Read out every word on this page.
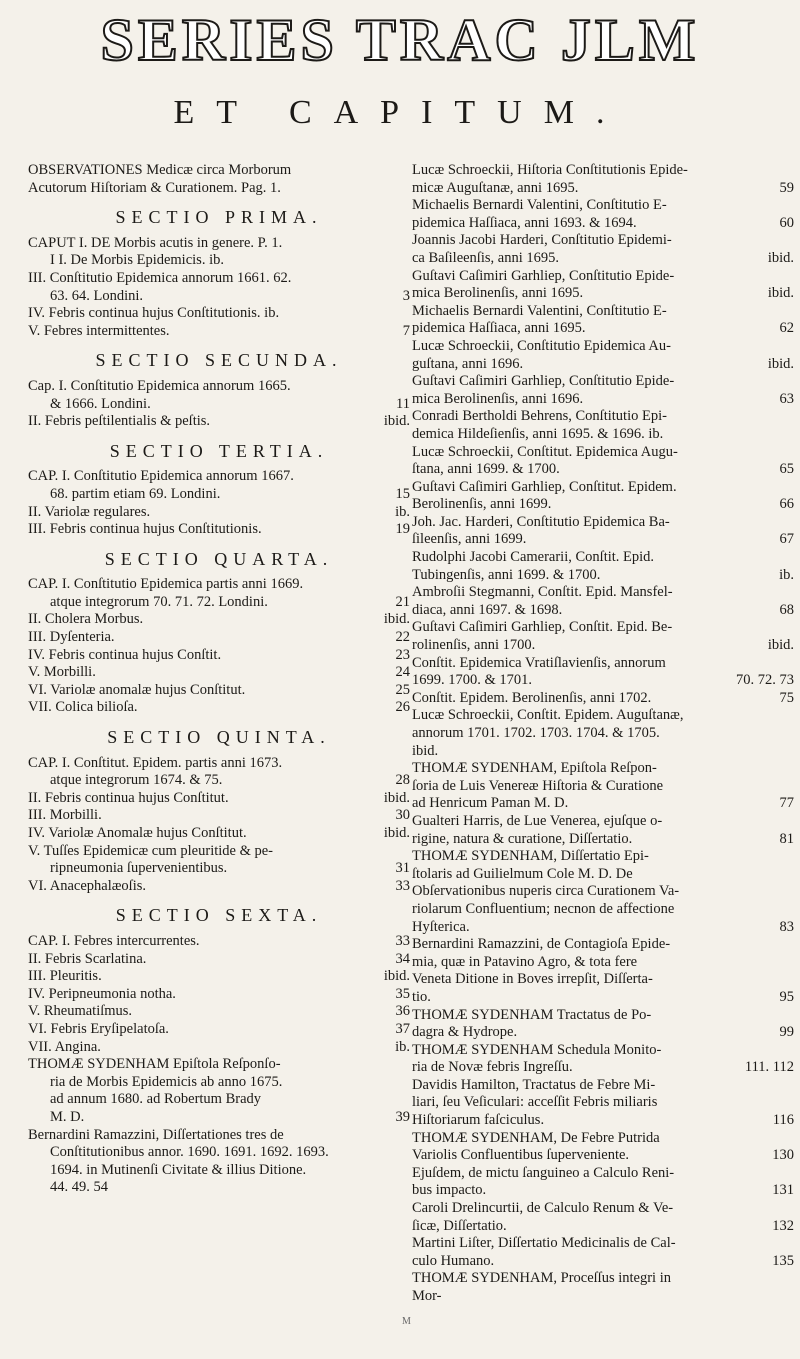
SERIES TRAC JLM
ET CAPITUM.
OBSERVATIONES Medicæ circa Morborum
Acutorum Hiſtoriam & Curationem. Pag. 1.
SECTIO PRIMA.
CAPUT I. DE Morbis acutis in genere. P. 1.
I I. De Morbis Epidemicis. ib.
III. Conſtitutio Epidemica annorum 1661. 62.
63. 64. Londini.	3
IV. Febris continua hujus Conſtitutionis. ib.
V. Febres intermittentes.	7
SECTIO SECUNDA.
Cap. I. Conſtitutio Epidemica annorum 1665.
& 1666. Londini.	11
II. Febris peſtilentialis & peſtis.	ibid.
SECTIO TERTIA.
CAP. I. Conſtitutio Epidemica annorum 1667.
68. partim etiam 69. Londini.	15
II. Variolæ regulares.	ib.
III. Febris continua hujus Conſtitutionis.	19
SECTIO QUARTA.
CAP. I. Conſtitutio Epidemica partis anni 1669.
atque integrorum 70. 71. 72. Londini.	21
II. Cholera Morbus.	ibid.
III. Dyſenteria.	22
IV. Febris continua hujus Conſtit.	23
V. Morbilli.	24
VI. Variolæ anomalæ hujus Conſtitut.	25
VII. Colica bilioſa.	26
SECTIO QUINTA.
CAP. I. Conſtitut. Epidem. partis anni 1673.
atque integrorum 1674. & 75.	28
II. Febris continua hujus Conſtitut.	ibid.
III. Morbilli.	30
IV. Variolæ Anomalæ hujus Conſtitut.	ibid.
V. Tuſſes Epidemicæ cum pleuritide & pe-
ripneumonia ſupervenientibus.	31
VI. Anacephalæoſis.	33
SECTIO SEXTA.
CAP. I. Febres intercurrentes.	33
II. Febris Scarlatina.	34
III. Pleuritis.	ibid.
IV. Peripneumonia notha.	35
V. Rheumatiſmus.	36
VI. Febris Eryſipelatoſa.	37
VII. Angina.	ib.
THOMÆ SYDENHAM Epiſtola Reſponſo-
ria de Morbis Epidemicis ab anno 1675.
ad annum 1680. ad Robertum Brady
M. D.	39
Bernardini Ramazzini, Diſſertationes tres de
Conſtitutionibus annor. 1690. 1691. 1692. 1693.
1694. in Mutinenſi Civitate & illius Ditione.
44. 49. 54
Lucæ Schroeckii, Hiſtoria Conſtitutionis Epide-
micæ Auguſtanæ, anni 1695.	59
Michaelis Bernardi Valentini, Conſtitutio E-
pidemica Haſſiaca, anni 1693. & 1694.	60
Joannis Jacobi Harderi, Conſtitutio Epidemi-
ca Baſileenſis, anni 1695.	ibid.
Guſtavi Caſimiri Garhliep, Conſtitutio Epide-
mica Berolinenſis, anni 1695.	ibid.
Michaelis Bernardi Valentini, Conſtitutio E-
pidemica Haſſiaca, anni 1695.	62
Lucæ Schroeckii, Conſtitutio Epidemica Au-
guſtana, anni 1696.	ibid.
Guſtavi Caſimiri Garhliep, Conſtitutio Epide-
mica Berolinenſis, anni 1696.	63
Conradi Bertholdi Behrens, Conſtitutio Epi-
demica Hildeſienſis, anni 1695. & 1696. ib.
Lucæ Schroeckii, Conſtitut. Epidemica Augu-
ſtana, anni 1699. & 1700.	65
Guſtavi Caſimiri Garhliep, Conſtitut. Epidem.
Berolinenſis, anni 1699.	66
Joh. Jac. Harderi, Conſtitutio Epidemica Ba-
ſileenſis, anni 1699.	67
Rudolphi Jacobi Camerarii, Conſtit. Epid.
Tubingenſis, anni 1699. & 1700.	ib.
Ambroſii Stegmanni, Conſtit. Epid. Mansfel-
diaca, anni 1697. & 1698.	68
Guſtavi Caſimiri Garhliep, Conſtit. Epid. Be-
rolinenſis, anni 1700.	ibid.
Conſtit. Epidemica Vratiſlavienſis, annorum
1699. 1700. & 1701.	70. 72. 73
Conſtit. Epidem. Berolinenſis, anni 1702.	75
Lucæ Schroeckii, Conſtit. Epidem. Auguſtanæ,
annorum 1701. 1702. 1703. 1704. & 1705.
ibid.
THOMÆ SYDENHAM, Epiſtola Reſpon-
ſoria de Luis Venereæ Hiſtoria & Curatione
ad Henricum Paman M. D.	77
Gualteri Harris, de Lue Venerea, ejuſque o-
rigine, natura & curatione, Diſſertatio.	81
THOMÆ SYDENHAM, Diſſertatio Epi-
ſtolaris ad Guilielmum Cole M. D. De
Obſervationibus nuperis circa Curationem Va-
riolarum Confluentium; necnon de affectione
Hyſterica.	83
Bernardini Ramazzini, de Contagioſa Epide-
mia, quæ in Patavino Agro, & tota fere
Veneta Ditione in Boves irrepſit, Diſſerta-
tio.	95
THOMÆ SYDENHAM Tractatus de Po-
dagra & Hydrope.	99
THOMÆ SYDENHAM Schedula Monito-
ria de Novæ febris Ingreſſu.	111. 112
Davidis Hamilton, Tractatus de Febre Mi-
liari, ſeu Veſiculari: acceſſit Febris miliaris
Hiſtoriarum faſciculus.	116
THOMÆ SYDENHAM, De Febre Putrida
Variolis Confluentibus ſuperveniente.	130
Ejuſdem, de mictu ſanguineo a Calculo Reni-
bus impacto.	131
Caroli Drelincurtii, de Calculo Renum & Ve-
ſicæ, Diſſertatio.	132
Martini Liſter, Diſſertatio Medicinalis de Cal-
culo Humano.	135
THOMÆ SYDENHAM, Proceſſus integri in
Mor-
M
